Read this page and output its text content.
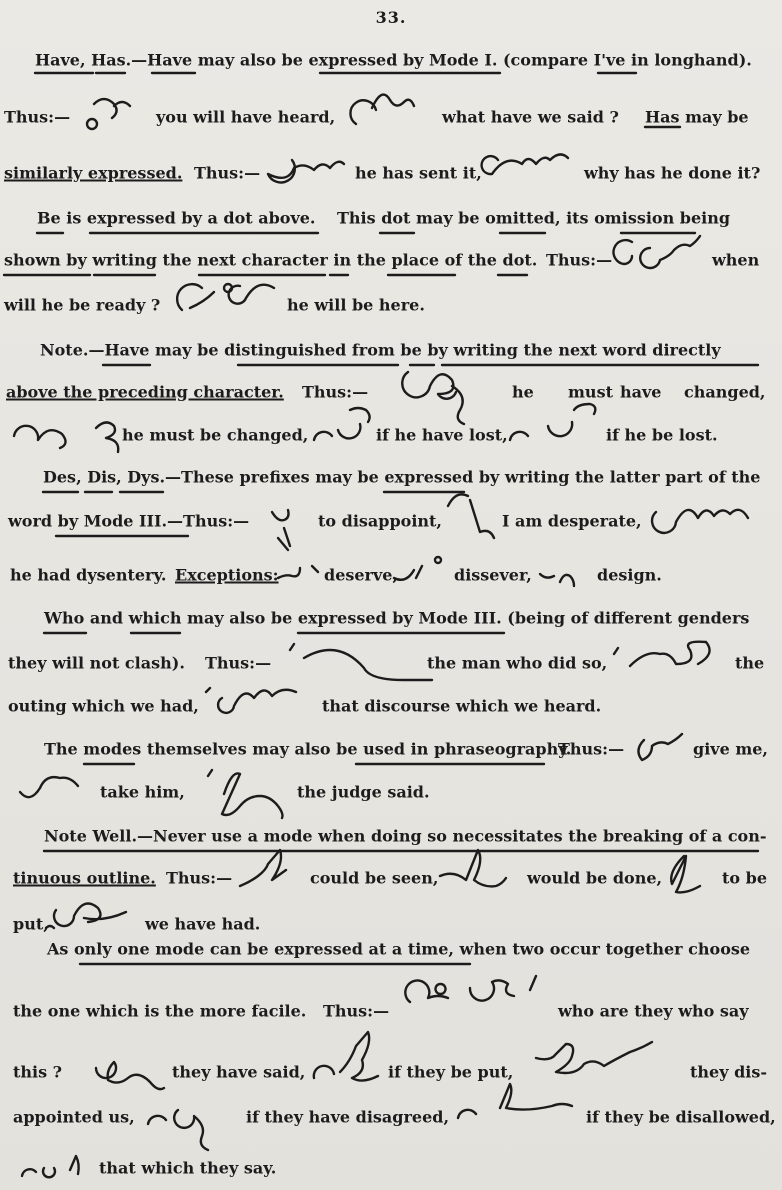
33.
Have, Has.—Have may also be expressed by Mode I. (compare I've in longhand).
Thus:—	you will have heard,	what have we said ? Has may be
similarly expressed. Thus:—	he has sent it,	why has he done it?
Be is expressed by a dot above. This dot may be omitted, its omission being
shown by writing the next character in the place of the dot. Thus:—	when
will he be ready ?	he will be here.
Note.—Have may be distinguished from be by writing the next word directly
above the preceding character. Thus:—	he must have changed,
he must be changed,	if he have lost,	if he be lost.
Des, Dis, Dys.—These prefixes may be expressed by writing the latter part of the
word by Mode III.—Thus:—	to disappoint,	I am desperate,
he had dysentery. Exceptions:	deserve,	dissever,	design.
Who and which may also be expressed by Mode III. (being of different genders
they will not clash). Thus:—	the man who did so,	the
outing which we had,	that discourse which we heard.
The modes themselves may also be used in phraseography.
Thus:—	give me,
take him,	the judge said.
Note Well.—Never use a mode when doing so necessitates the breaking of a con-
tinuous outline. Thus:—	could be seen,	would be done,	to be
put,	we have had.
As only one mode can be expressed at a time, when two occur together choose
the one which is the more facile. Thus:—	who are they who say
this ?	they have said,	if they be put,	they dis-
appointed us,	if they have disagreed,	if they be disallowed,
that which they say.
